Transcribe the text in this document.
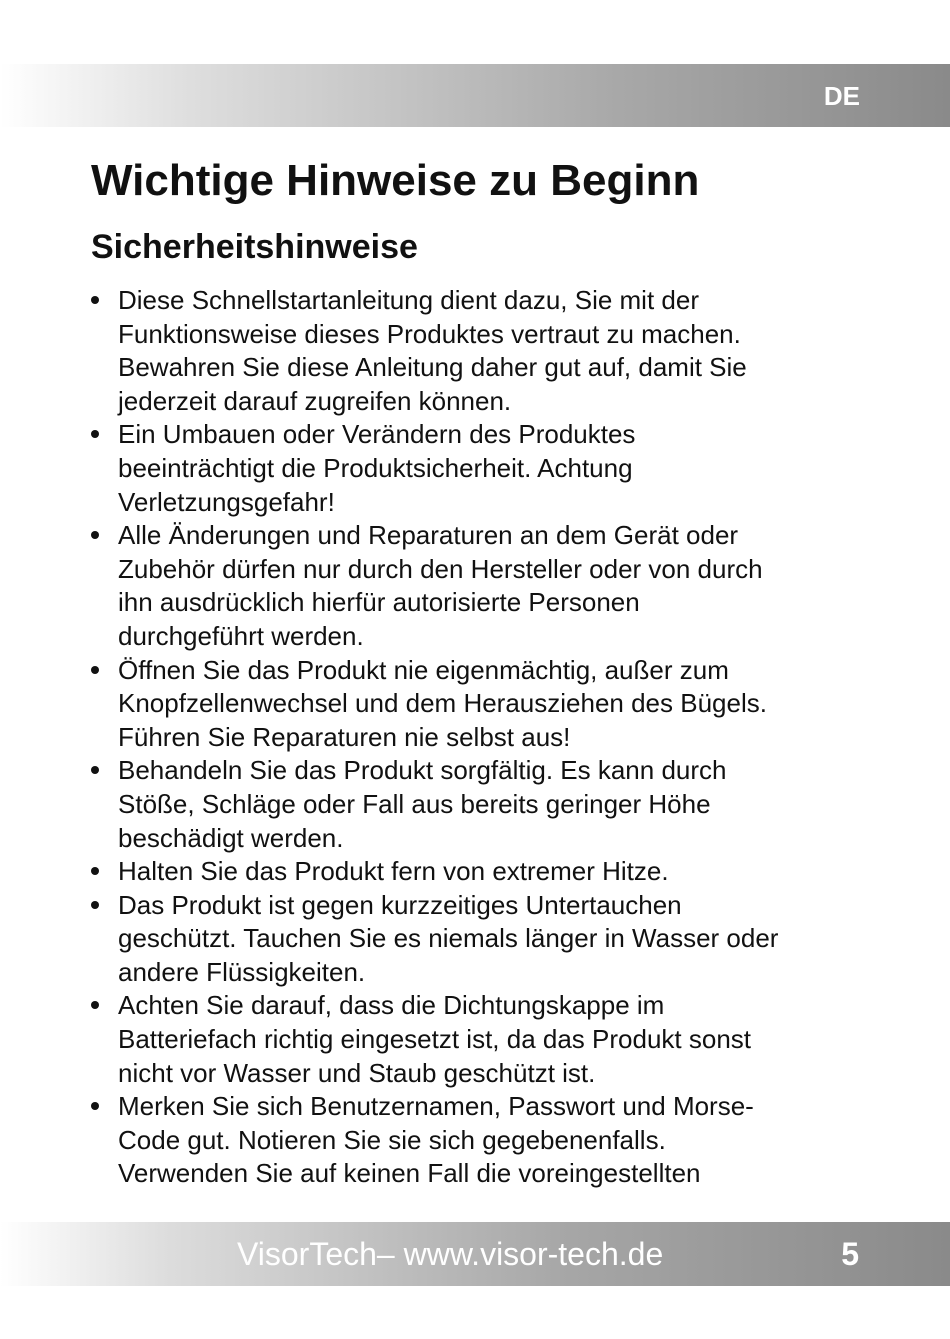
DE
Wichtige Hinweise zu Beginn
Sicherheitshinweise
Diese Schnellstartanleitung dient dazu, Sie mit der
Funktionsweise dieses Produktes vertraut zu machen.
Bewahren Sie diese Anleitung daher gut auf, damit Sie
jederzeit darauf zugreifen können.
Ein Umbauen oder Verändern des Produktes
beeinträchtigt die Produktsicherheit. Achtung
Verletzungsgefahr!
Alle Änderungen und Reparaturen an dem Gerät oder
Zubehör dürfen nur durch den Hersteller oder von durch
ihn ausdrücklich hierfür autorisierte Personen
durchgeführt werden.
Öffnen Sie das Produkt nie eigenmächtig, außer zum
Knopfzellenwechsel und dem Herausziehen des Bügels.
Führen Sie Reparaturen nie selbst aus!
Behandeln Sie das Produkt sorgfältig. Es kann durch
Stöße, Schläge oder Fall aus bereits geringer Höhe
beschädigt werden.
Halten Sie das Produkt fern von extremer Hitze.
Das Produkt ist gegen kurzzeitiges Untertauchen
geschützt. Tauchen Sie es niemals länger in Wasser oder
andere Flüssigkeiten.
Achten Sie darauf, dass die Dichtungskappe im
Batteriefach richtig eingesetzt ist, da das Produkt sonst
nicht vor Wasser und Staub geschützt ist.
Merken Sie sich Benutzernamen, Passwort und Morse-
Code gut. Notieren Sie sie sich gegebenenfalls.
Verwenden Sie auf keinen Fall die voreingestellten
VisorTech– www.visor-tech.de	5
